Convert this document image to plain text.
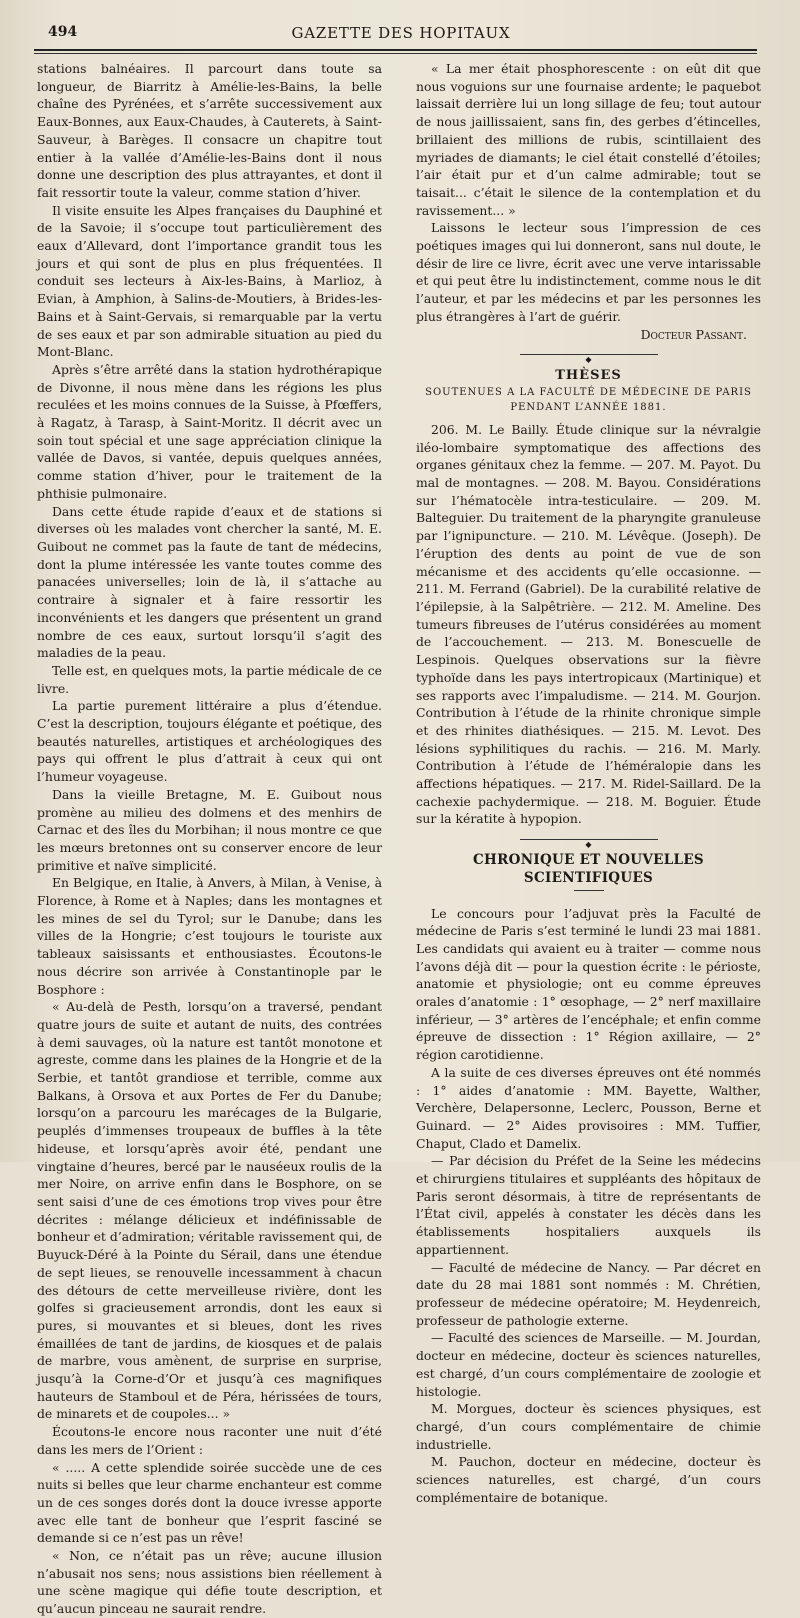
494	GAZETTE DES HOPITAUX

stations balnéaires. Il parcourt dans toute sa longueur, de Biarritz à Amélie-les-Bains, la belle chaîne des Pyrénées, et s’arrête successivement aux Eaux-Bonnes, aux Eaux-Chaudes, à Cauterets, à Saint-Sauveur, à Barèges. Il consacre un chapitre tout entier à la vallée d’Amélie-les-Bains dont il nous donne une description des plus attrayantes, et dont il fait ressortir toute la valeur, comme station d’hiver.

Il visite ensuite les Alpes françaises du Dauphiné et de la Savoie; il s’occupe tout particulièrement des eaux d’Allevard, dont l’importance grandit tous les jours et qui sont de plus en plus fréquentées. Il conduit ses lecteurs à Aix-les-Bains, à Marlioz, à Evian, à Amphion, à Salins-de-Moutiers, à Brides-les-Bains et à Saint-Gervais, si remarquable par la vertu de ses eaux et par son admirable situation au pied du Mont-Blanc.

Après s’être arrêté dans la station hydrothérapique de Divonne, il nous mène dans les régions les plus reculées et les moins connues de la Suisse, à Pfœffers, à Ragatz, à Tarasp, à Saint-Moritz. Il décrit avec un soin tout spécial et une sage appréciation clinique la vallée de Davos, si vantée, depuis quelques années, comme station d’hiver, pour le traitement de la phthisie pulmonaire.

Dans cette étude rapide d’eaux et de stations si diverses où les malades vont chercher la santé, M. E. Guibout ne commet pas la faute de tant de médecins, dont la plume intéressée les vante toutes comme des panacées universelles; loin de là, il s’attache au contraire à signaler et à faire ressortir les inconvénients et les dangers que présentent un grand nombre de ces eaux, surtout lorsqu’il s’agit des maladies de la peau.

Telle est, en quelques mots, la partie médicale de ce livre.

La partie purement littéraire a plus d’étendue. C’est la description, toujours élégante et poétique, des beautés naturelles, artistiques et archéologiques des pays qui offrent le plus d’attrait à ceux qui ont l’humeur voyageuse.

Dans la vieille Bretagne, M. E. Guibout nous promène au milieu des dolmens et des menhirs de Carnac et des îles du Morbihan; il nous montre ce que les mœurs bretonnes ont su conserver encore de leur primitive et naïve simplicité.

En Belgique, en Italie, à Anvers, à Milan, à Venise, à Florence, à Rome et à Naples; dans les montagnes et les mines de sel du Tyrol; sur le Danube; dans les villes de la Hongrie; c’est toujours le touriste aux tableaux saisissants et enthousiastes. Écoutons-le nous décrire son arrivée à Constantinople par le Bosphore :

« Au-delà de Pesth, lorsqu’on a traversé, pendant quatre jours de suite et autant de nuits, des contrées à demi sauvages, où la nature est tantôt monotone et agreste, comme dans les plaines de la Hongrie et de la Serbie, et tantôt grandiose et terrible, comme aux Balkans, à Orsova et aux Portes de Fer du Danube; lorsqu’on a parcouru les marécages de la Bulgarie, peuplés d’immenses troupeaux de buffles à la tête hideuse, et lorsqu’après avoir été, pendant une vingtaine d’heures, bercé par le nauséeux roulis de la mer Noire, on arrive enfin dans le Bosphore, on se sent saisi d’une de ces émotions trop vives pour être décrites : mélange délicieux et indéfinissable de bonheur et d’admiration; véritable ravissement qui, de Buyuck-Déré à la Pointe du Sérail, dans une étendue de sept lieues, se renouvelle incessamment à chacun des détours de cette merveilleuse rivière, dont les golfes si gracieusement arrondis, dont les eaux si pures, si mouvantes et si bleues, dont les rives émaillées de tant de jardins, de kiosques et de palais de marbre, vous amènent, de surprise en surprise, jusqu’à la Corne-d’Or et jusqu’à ces magnifiques hauteurs de Stamboul et de Péra, hérissées de tours, de minarets et de coupoles... »

Écoutons-le encore nous raconter une nuit d’été dans les mers de l’Orient :

« ..... A cette splendide soirée succède une de ces nuits si belles que leur charme enchanteur est comme un de ces songes dorés dont la douce ivresse apporte avec elle tant de bonheur que l’esprit fasciné se demande si ce n’est pas un rêve!

« Non, ce n’était pas un rêve; aucune illusion n’abusait nos sens; nous assistions bien réellement à une scène magique qui défie toute description, et qu’aucun pinceau ne saurait rendre.

« La mer était phosphorescente : on eût dit que nous voguions sur une fournaise ardente; le paquebot laissait derrière lui un long sillage de feu; tout autour de nous jaillissaient, sans fin, des gerbes d’étincelles, brillaient des millions de rubis, scintillaient des myriades de diamants; le ciel était constellé d’étoiles; l’air était pur et d’un calme admirable; tout se taisait... c’était le silence de la contemplation et du ravissement... »

Laissons le lecteur sous l’impression de ces poétiques images qui lui donneront, sans nul doute, le désir de lire ce livre, écrit avec une verve intarissable et qui peut être lu indistinctement, comme nous le dit l’auteur, et par les médecins et par les personnes les plus étrangères à l’art de guérir.

Docteur Passant.

◆
THÈSES
SOUTENUES A LA FACULTÉ DE MÉDECINE DE PARIS
PENDANT L’ANNÉE 1881.

206. M. Le Bailly. Étude clinique sur la névralgie iléo-lombaire symptomatique des affections des organes génitaux chez la femme. — 207. M. Payot. Du mal de montagnes. — 208. M. Bayou. Considérations sur l’hématocèle intra-testiculaire. — 209. M. Balteguier. Du traitement de la pharyngite granuleuse par l’ignipuncture. — 210. M. Lévêque. (Joseph). De l’éruption des dents au point de vue de son mécanisme et des accidents qu’elle occasionne. — 211. M. Ferrand (Gabriel). De la curabilité relative de l’épilepsie, à la Salpêtrière. — 212. M. Ameline. Des tumeurs fibreuses de l’utérus considérées au moment de l’accouchement. — 213. M. Bonescuelle de Lespinois. Quelques observations sur la fièvre typhoïde dans les pays intertropicaux (Martinique) et ses rapports avec l’impaludisme. — 214. M. Gourjon. Contribution à l’étude de la rhinite chronique simple et des rhinites diathésiques. — 215. M. Levot. Des lésions syphilitiques du rachis. — 216. M. Marly. Contribution à l’étude de l’héméralopie dans les affections hépatiques. — 217. M. Ridel-Saillard. De la cachexie pachydermique. — 218. M. Boguier. Étude sur la kératite à hypopion.

◆
CHRONIQUE ET NOUVELLES SCIENTIFIQUES

Le concours pour l’adjuvat près la Faculté de médecine de Paris s’est terminé le lundi 23 mai 1881. Les candidats qui avaient eu à traiter — comme nous l’avons déjà dit — pour la question écrite : le périoste, anatomie et physiologie; ont eu comme épreuves orales d’anatomie : 1° œsophage, — 2° nerf maxillaire inférieur, — 3° artères de l’encéphale; et enfin comme épreuve de dissection : 1° Région axillaire, — 2° région carotidienne.

A la suite de ces diverses épreuves ont été nommés : 1° aides d’anatomie : MM. Bayette, Walther, Verchère, Delapersonne, Leclerc, Pousson, Berne et Guinard. — 2° Aides provisoires : MM. Tuffier, Chaput, Clado et Damelix.

— Par décision du Préfet de la Seine les médecins et chirurgiens titulaires et suppléants des hôpitaux de Paris seront désormais, à titre de représentants de l’État civil, appelés à constater les décès dans les établissements hospitaliers auxquels ils appartiennent.

— Faculté de médecine de Nancy. — Par décret en date du 28 mai 1881 sont nommés : M. Chrétien, professeur de médecine opératoire; M. Heydenreich, professeur de pathologie externe.

— Faculté des sciences de Marseille. — M. Jourdan, docteur en médecine, docteur ès sciences naturelles, est chargé, d’un cours complémentaire de zoologie et histologie.

M. Morgues, docteur ès sciences physiques, est chargé, d’un cours complémentaire de chimie industrielle.

M. Pauchon, docteur en médecine, docteur ès sciences naturelles, est chargé, d’un cours complémentaire de botanique.
